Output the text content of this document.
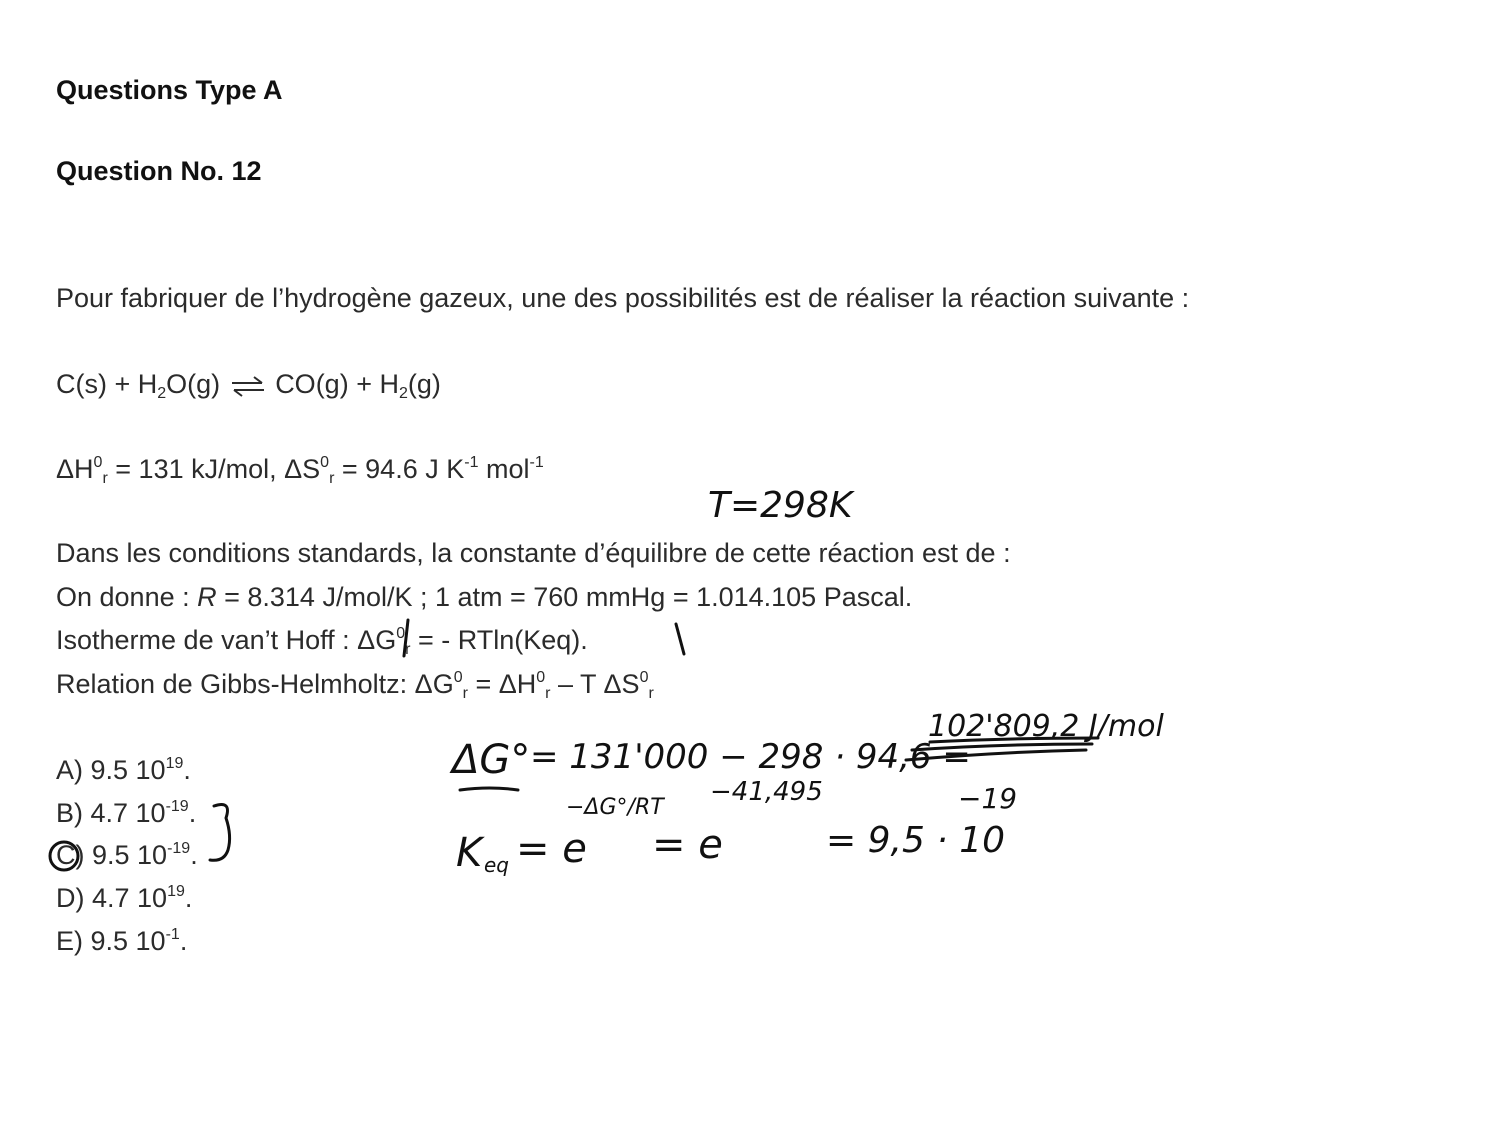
Questions Type A
Question No. 12
Pour fabriquer de l’hydrogène gazeux, une des possibilités est de réaliser la réaction suivante :
$C(s) + H_2O(g)$ ⇌ $CO(g) + H_2(g)$
$\Delta H^0_r = 131$ kJ/mol, $\Delta S^0_r = 94.6$ J $K^{-1}$ mol$^{-1}$
Dans les conditions standards, la constante d’équilibre de cette réaction est de :
On donne : R = 8.314 J/mol/K ; 1 atm = 760 mmHg = 1.014.105 Pascal.
Isotherme de van’t Hoff : $\Delta G^0_r$ = - RTln(Keq).
Relation de Gibbs-Helmholtz: $\Delta G^0_r = \Delta H^0_r - T$ $\Delta S^0_r$
A) 9.5 $10^{19}$.
B) 4.7 $10^{-19}$.
C) 9.5 $10^{-19}$.
D) 4.7 $10^{19}$.
E) 9.5 $10^{-1}$.
T=298K
ΔG° = 131'000 − 298 · 94,6 =
102'809,2 J/mol
K eq = e
−ΔG°/RT
= e
−41,495
= 9,5 · 10
−19
